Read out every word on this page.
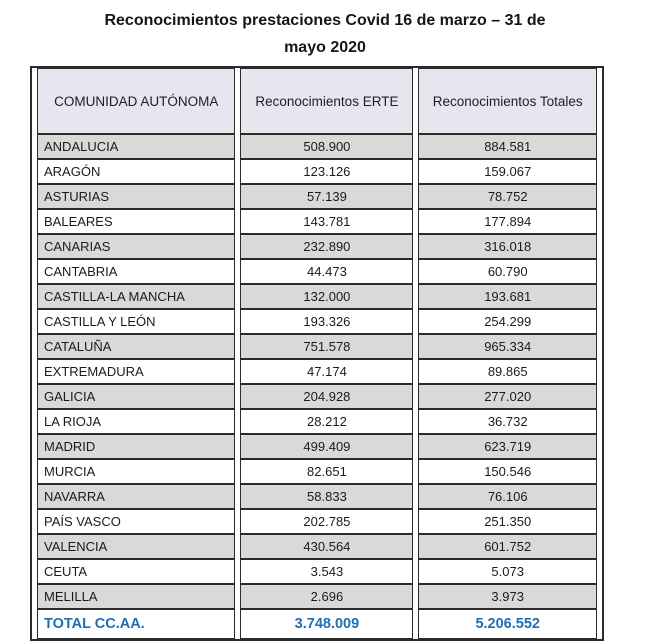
Reconocimientos prestaciones Covid 16 de marzo – 31 de
mayo 2020
COMUNIDAD AUTÓNOMA	Reconocimientos ERTE	Reconocimientos Totales
ANDALUCIA	508.900	884.581
ARAGÓN	123.126	159.067
ASTURIAS	57.139	78.752
BALEARES	143.781	177.894
CANARIAS	232.890	316.018
CANTABRIA	44.473	60.790
CASTILLA-LA MANCHA	132.000	193.681
CASTILLA Y LEÓN	193.326	254.299
CATALUÑA	751.578	965.334
EXTREMADURA	47.174	89.865
GALICIA	204.928	277.020
LA RIOJA	28.212	36.732
MADRID	499.409	623.719
MURCIA	82.651	150.546
NAVARRA	58.833	76.106
PAÍS VASCO	202.785	251.350
VALENCIA	430.564	601.752
CEUTA	3.543	5.073
MELILLA	2.696	3.973
TOTAL CC.AA.	3.748.009	5.206.552
